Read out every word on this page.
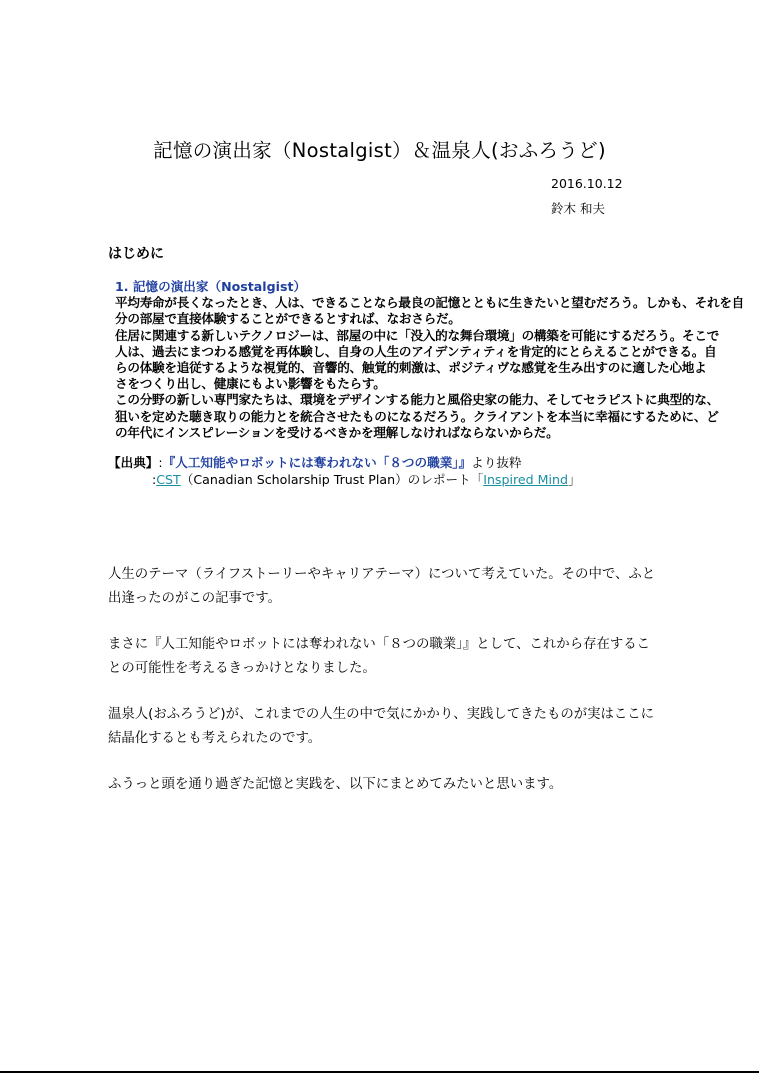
記憶の演出家（Nostalgist）＆温泉人(おふろうど)
2016.10.12
鈴木 和夫
はじめに
1. 記憶の演出家（Nostalgist）
平均寿命が長くなったとき、人は、できることなら最良の記憶とともに生きたいと望むだろう。しかも、それを自
分の部屋で直接体験することができるとすれば、なおさらだ。
住居に関連する新しいテクノロジーは、部屋の中に「没入的な舞台環境」の構築を可能にするだろう。そこで
人は、過去にまつわる感覚を再体験し、自身の人生のアイデンティティを肯定的にとらえることができる。自
らの体験を追従するような視覚的、音響的、触覚的刺激は、ポジティヴな感覚を生み出すのに適した心地よ
さをつくり出し、健康にもよい影響をもたらす。
この分野の新しい専門家たちは、環境をデザインする能力と風俗史家の能力、そしてセラピストに典型的な、
狙いを定めた聴き取りの能力とを統合させたものになるだろう。クライアントを本当に幸福にするために、ど
の年代にインスピレーションを受けるべきかを理解しなければならないからだ。
【出典】:『人工知能やロボットには奪われない「８つの職業」』より抜粋
:CST（Canadian Scholarship Trust Plan）のレポート「Inspired Mind」

人生のテーマ（ライフストーリーやキャリアテーマ）について考えていた。その中で、ふと
出逢ったのがこの記事です。

まさに『人工知能やロボットには奪われない「８つの職業」』として、これから存在するこ
との可能性を考えるきっかけとなりました。

温泉人(おふろうど)が、これまでの人生の中で気にかかり、実践してきたものが実はここに
結晶化するとも考えられたのです。

ふうっと頭を通り過ぎた記憶と実践を、以下にまとめてみたいと思います。
